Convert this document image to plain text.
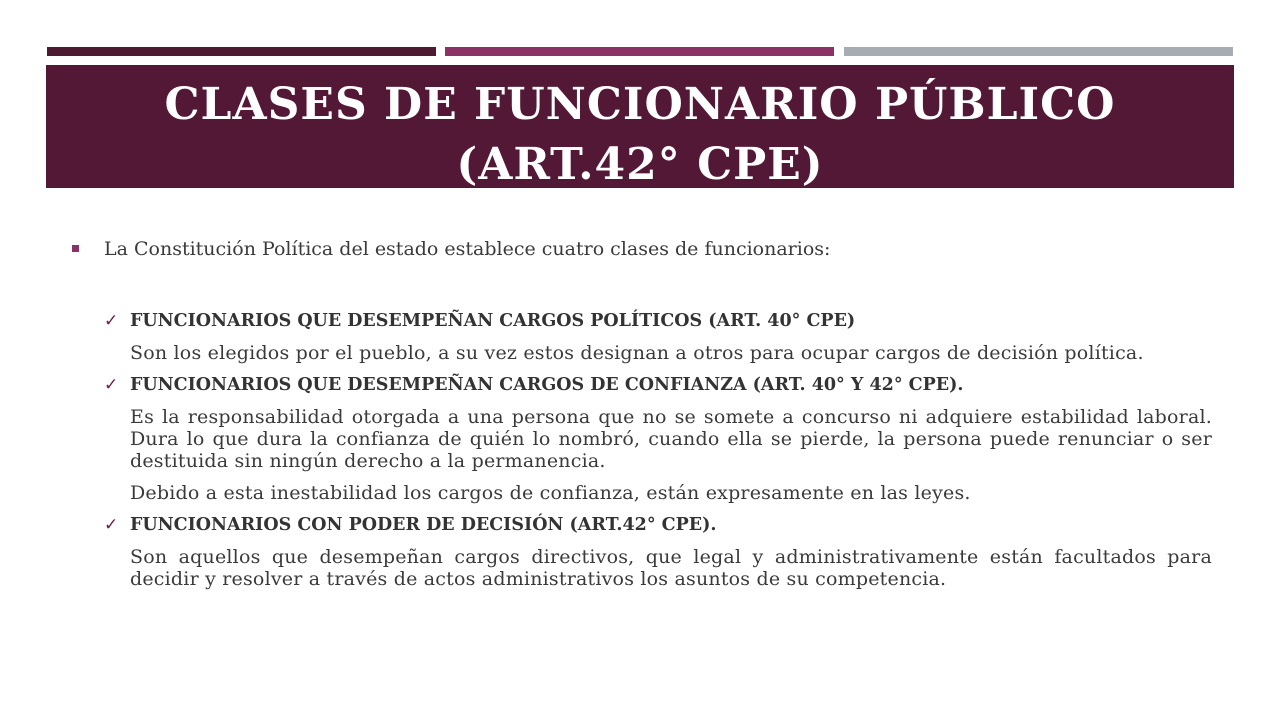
CLASES DE FUNCIONARIO PÚBLICO
(ART.42° CPE)

La Constitución Política del estado establece cuatro clases de funcionarios:

✓ FUNCIONARIOS QUE DESEMPEÑAN CARGOS POLÍTICOS (ART. 40° CPE)

Son los elegidos por el pueblo, a su vez estos designan a otros para ocupar cargos de decisión política.

✓ FUNCIONARIOS QUE DESEMPEÑAN CARGOS DE CONFIANZA (ART. 40° Y 42° CPE).

Es la responsabilidad otorgada a una persona que no se somete a concurso ni adquiere estabilidad laboral. Dura lo que dura la confianza de quién lo nombró, cuando ella se pierde, la persona puede renunciar o ser destituida sin ningún derecho a la permanencia.

Debido a esta inestabilidad los cargos de confianza, están expresamente en las leyes.

✓ FUNCIONARIOS CON PODER DE DECISIÓN (ART.42° CPE).

Son aquellos que desempeñan cargos directivos, que legal y administrativamente están facultados para decidir y resolver a través de actos administrativos los asuntos de su competencia.
